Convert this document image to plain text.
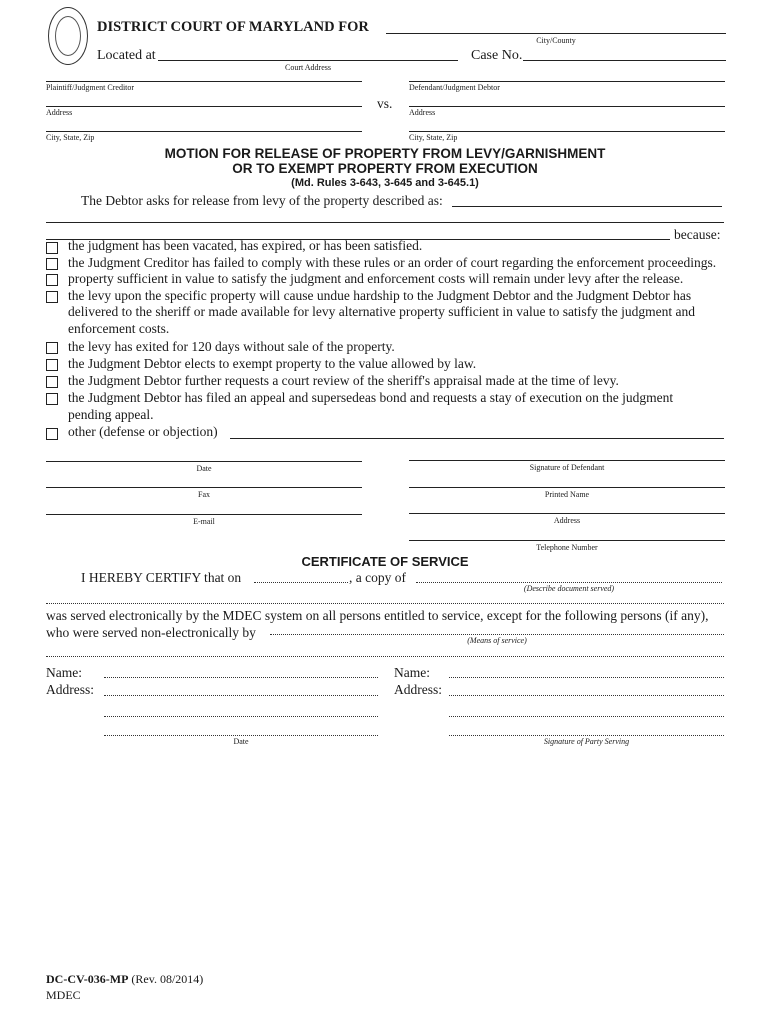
DISTRICT COURT OF MARYLAND FOR
City/County
Located at
Court Address
Case No.
Plaintiff/Judgment Creditor
Address
City, State, Zip
vs.
Defendant/Judgment Debtor
Address
City, State, Zip
MOTION FOR RELEASE OF PROPERTY FROM LEVY/GARNISHMENT
OR TO EXEMPT PROPERTY FROM EXECUTION
(Md. Rules 3-643, 3-645 and 3-645.1)
The Debtor asks for release from levy of the property described as:
because:
the judgment has been vacated, has expired, or has been satisfied.
the Judgment Creditor has failed to comply with these rules or an order of court regarding the enforcement proceedings.
property sufficient in value to satisfy the judgment and enforcement costs will remain under levy after the release.
the levy upon the specific property will cause undue hardship to the Judgment Debtor and the Judgment Debtor has
delivered to the sheriff or made available for levy alternative property sufficient in value to satisfy the judgment and
enforcement costs.
the levy has exited for 120 days without sale of the property.
the Judgment Debtor elects to exempt property to the value allowed by law.
the Judgment Debtor further requests a court review of the sheriff's appraisal made at the time of levy.
the Judgment Debtor has filed an appeal and supersedeas bond and requests a stay of execution on the judgment
pending appeal.
other (defense or objection)
Date
Fax
E-mail
Signature of Defendant
Printed Name
Address
Telephone Number
CERTIFICATE OF SERVICE
I HEREBY CERTIFY that on	, a copy of
(Describe document served)
was served electronically by the MDEC system on all persons entitled to service, except for the following persons (if any),
who were served non-electronically by
(Means of service)
Name:
Address:
Date
Name:
Address:
Signature of Party Serving
DC-CV-036-MP (Rev. 08/2014)
MDEC
